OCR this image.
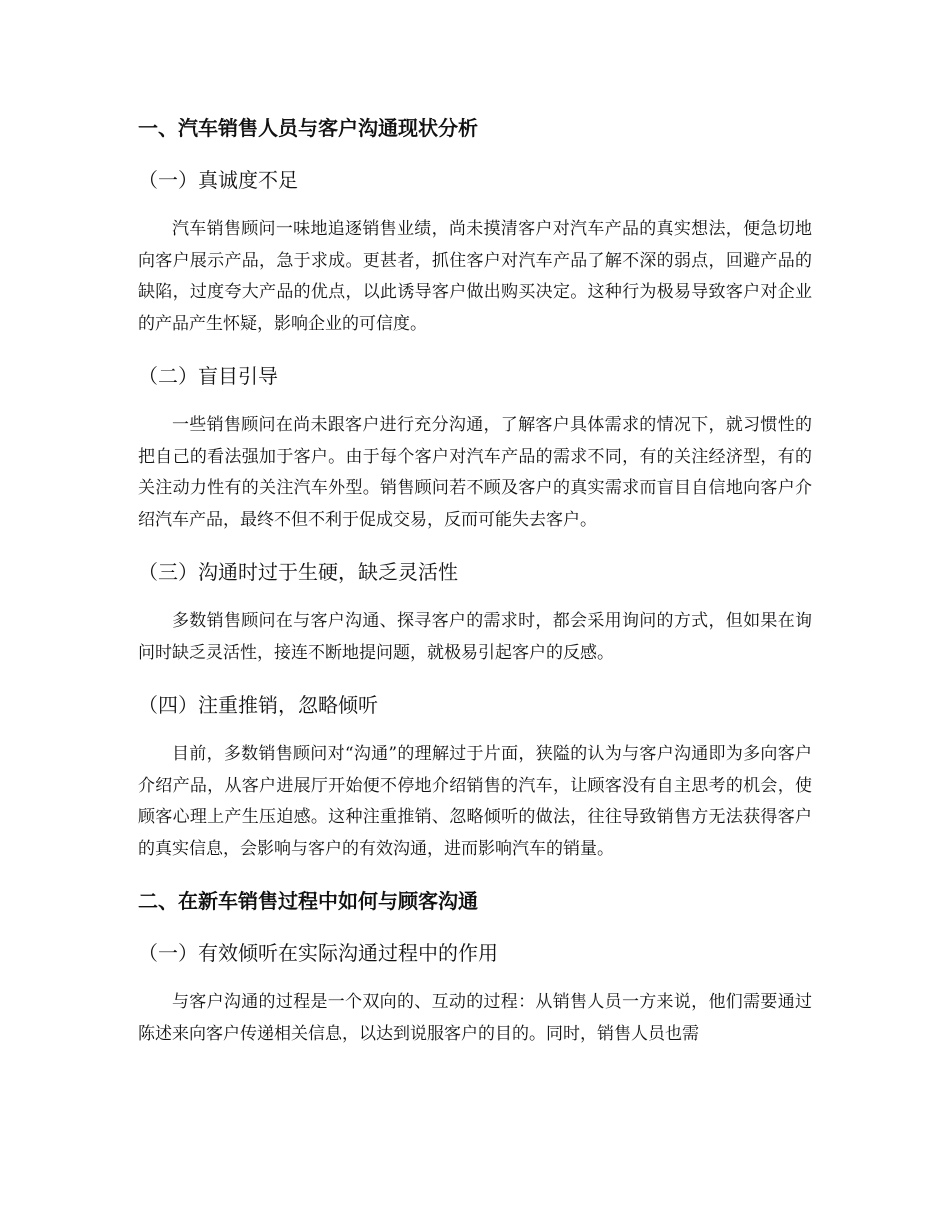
一、汽车销售人员与客户沟通现状分析
（一）真诚度不足
汽车销售顾问一味地追逐销售业绩，尚未摸清客户对汽车产品的真实想法，便急切地向客户展示产品，急于求成。更甚者，抓住客户对汽车产品了解不深的弱点，回避产品的缺陷，过度夸大产品的优点，以此诱导客户做出购买决定。这种行为极易导致客户对企业的产品产生怀疑，影响企业的可信度。
（二）盲目引导
一些销售顾问在尚未跟客户进行充分沟通，了解客户具体需求的情况下，就习惯性的把自己的看法强加于客户。由于每个客户对汽车产品的需求不同，有的关注经济型，有的关注动力性有的关注汽车外型。销售顾问若不顾及客户的真实需求而盲目自信地向客户介绍汽车产品，最终不但不利于促成交易，反而可能失去客户。
（三）沟通时过于生硬，缺乏灵活性
多数销售顾问在与客户沟通、探寻客户的需求时，都会采用询问的方式，但如果在询问时缺乏灵活性，接连不断地提问题，就极易引起客户的反感。
（四）注重推销，忽略倾听
目前，多数销售顾问对“沟通”的理解过于片面，狭隘的认为与客户沟通即为多向客户介绍产品，从客户进展厅开始便不停地介绍销售的汽车，让顾客没有自主思考的机会，使顾客心理上产生压迫感。这种注重推销、忽略倾听的做法，往往导致销售方无法获得客户的真实信息，会影响与客户的有效沟通，进而影响汽车的销量。
二、在新车销售过程中如何与顾客沟通
（一）有效倾听在实际沟通过程中的作用
与客户沟通的过程是一个双向的、互动的过程：从销售人员一方来说，他们需要通过陈述来向客户传递相关信息，以达到说服客户的目的。同时，销售人员也需
